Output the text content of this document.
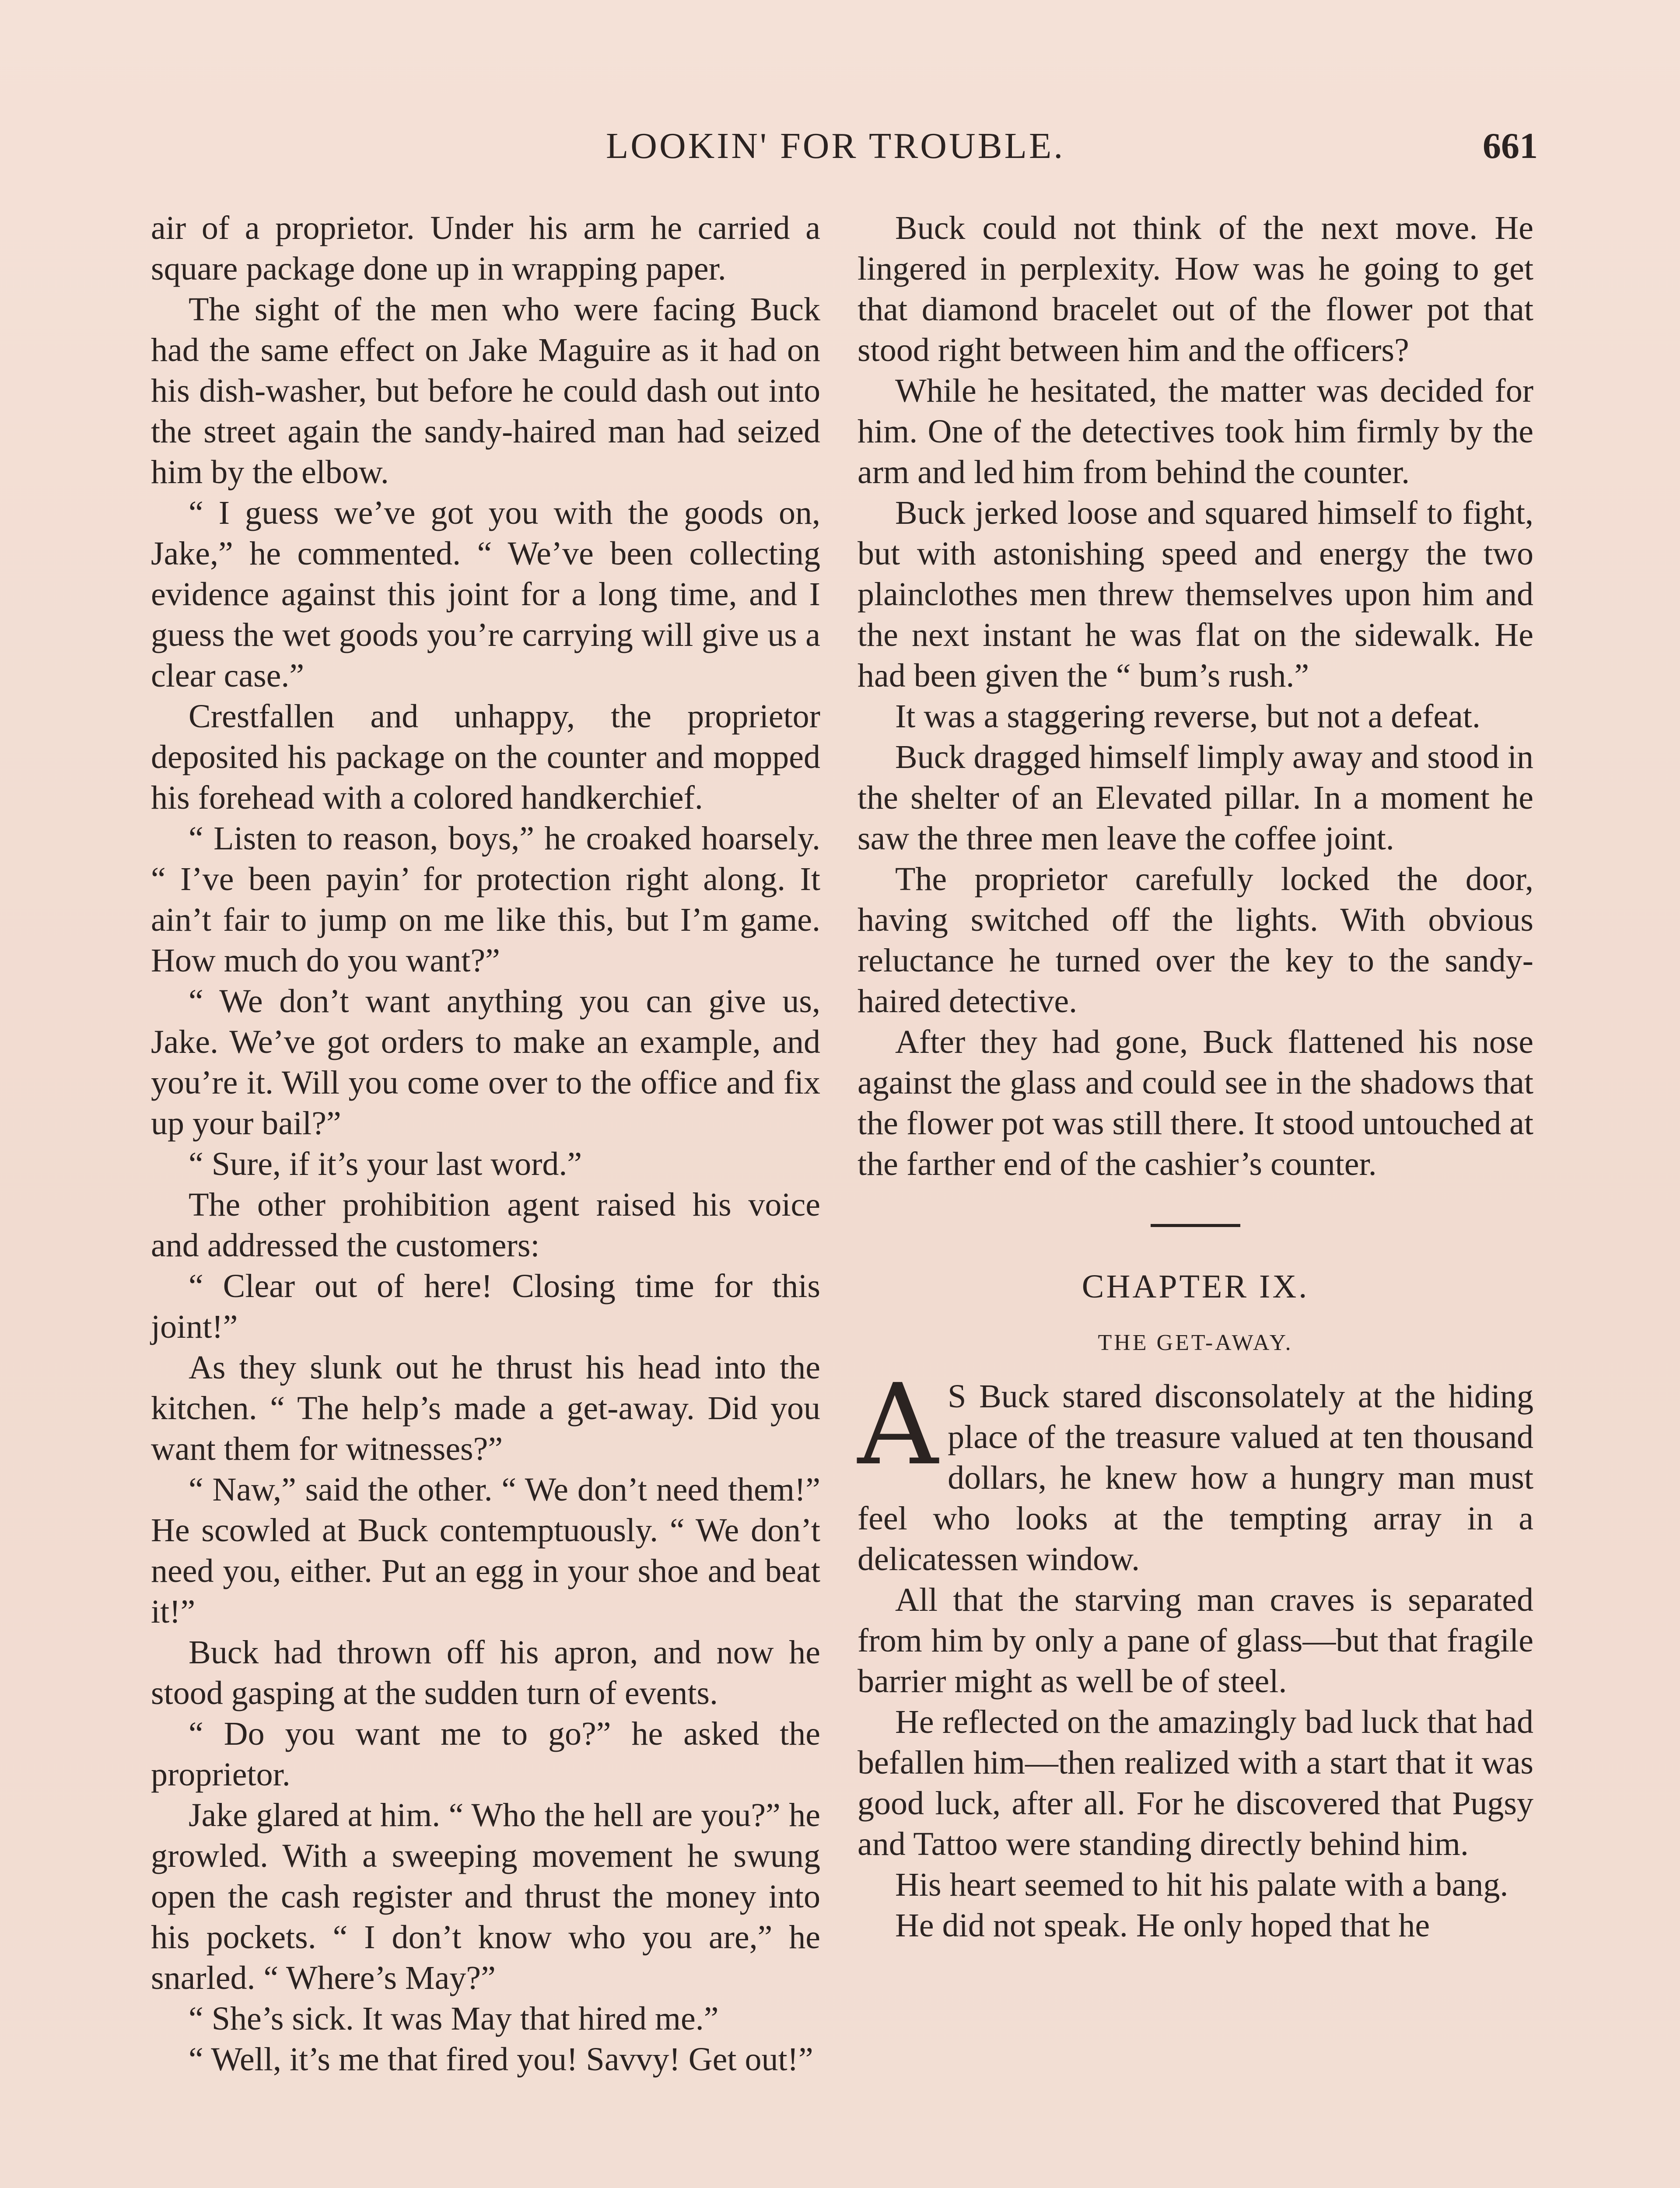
LOOKIN' FOR TROUBLE.	661

air of a proprietor. Under his arm he carried a square package done up in wrapping paper.

The sight of the men who were facing Buck had the same effect on Jake Maguire as it had on his dish-washer, but before he could dash out into the street again the sandy-haired man had seized him by the elbow.

“ I guess we’ve got you with the goods on, Jake,” he commented. “ We’ve been collecting evidence against this joint for a long time, and I guess the wet goods you’re carrying will give us a clear case.”

Crestfallen and unhappy, the proprietor deposited his package on the counter and mopped his forehead with a colored handkerchief.

“ Listen to reason, boys,” he croaked hoarsely. “ I’ve been payin’ for protection right along. It ain’t fair to jump on me like this, but I’m game. How much do you want?”

“ We don’t want anything you can give us, Jake. We’ve got orders to make an example, and you’re it. Will you come over to the office and fix up your bail?”

“ Sure, if it’s your last word.”

The other prohibition agent raised his voice and addressed the customers:

“ Clear out of here! Closing time for this joint!”

As they slunk out he thrust his head into the kitchen. “ The help’s made a get-away. Did you want them for witnesses?”

“ Naw,” said the other. “ We don’t need them!” He scowled at Buck contemptuously. “ We don’t need you, either. Put an egg in your shoe and beat it!”

Buck had thrown off his apron, and now he stood gasping at the sudden turn of events.

“ Do you want me to go?” he asked the proprietor.

Jake glared at him. “ Who the hell are you?” he growled. With a sweeping movement he swung open the cash register and thrust the money into his pockets. “ I don’t know who you are,” he snarled. “ Where’s May?”

“ She’s sick. It was May that hired me.”

“ Well, it’s me that fired you! Savvy! Get out!”

Buck could not think of the next move. He lingered in perplexity. How was he going to get that diamond bracelet out of the flower pot that stood right between him and the officers?

While he hesitated, the matter was decided for him. One of the detectives took him firmly by the arm and led him from behind the counter.

Buck jerked loose and squared himself to fight, but with astonishing speed and energy the two plainclothes men threw themselves upon him and the next instant he was flat on the sidewalk. He had been given the “ bum’s rush.”

It was a staggering reverse, but not a defeat.

Buck dragged himself limply away and stood in the shelter of an Elevated pillar. In a moment he saw the three men leave the coffee joint.

The proprietor carefully locked the door, having switched off the lights. With obvious reluctance he turned over the key to the sandy-haired detective.

After they had gone, Buck flattened his nose against the glass and could see in the shadows that the flower pot was still there. It stood untouched at the farther end of the cashier’s counter.

CHAPTER IX.
THE GET-AWAY.

A S Buck stared disconsolately at the hiding place of the treasure valued at ten thousand dollars, he knew how a hungry man must feel who looks at the tempting array in a delicatessen window.

All that the starving man craves is separated from him by only a pane of glass—but that fragile barrier might as well be of steel.

He reflected on the amazingly bad luck that had befallen him—then realized with a start that it was good luck, after all. For he discovered that Pugsy and Tattoo were standing directly behind him.

His heart seemed to hit his palate with a bang.

He did not speak. He only hoped that he
